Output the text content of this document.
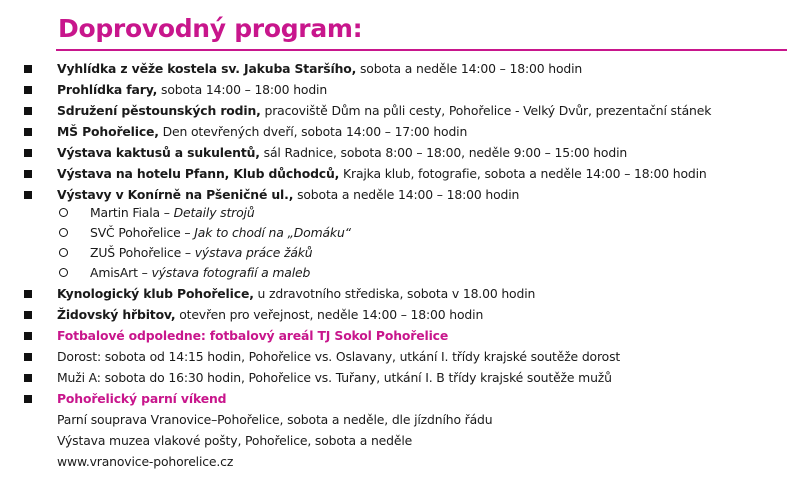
Doprovodný program:
Vyhlídka z věže kostela sv. Jakuba Staršího, sobota a neděle 14:00 – 18:00 hodin
Prohlídka fary, sobota 14:00 – 18:00 hodin
Sdružení pěstounských rodin, pracoviště Dům na půli cesty, Pohořelice - Velký Dvůr, prezentační stánek
MŠ Pohořelice, Den otevřených dveří, sobota 14:00 – 17:00 hodin
Výstava kaktusů a sukulentů, sál Radnice, sobota 8:00 – 18:00, neděle 9:00 – 15:00 hodin
Výstava na hotelu Pfann, Klub důchodců, Krajka klub, fotografie, sobota a neděle 14:00 – 18:00 hodin
Výstavy v Konírně na Pšeničné ul., sobota a neděle 14:00 – 18:00 hodin
Martin Fiala – Detaily strojů
SVČ Pohořelice – Jak to chodí na „Domáku“
ZUŠ Pohořelice – výstava práce žáků
AmisArt – výstava fotografií a maleb
Kynologický klub Pohořelice, u zdravotního střediska, sobota v 18.00 hodin
Židovský hřbitov, otevřen pro veřejnost, neděle 14:00 – 18:00 hodin
Fotbalové odpoledne: fotbalový areál TJ Sokol Pohořelice
Dorost: sobota od 14:15 hodin, Pohořelice vs. Oslavany, utkání I. třídy krajské soutěže dorost
Muži A: sobota do 16:30 hodin, Pohořelice vs. Tuřany, utkání I. B třídy krajské soutěže mužů
Pohořelický parní víkend
Parní souprava Vranovice–Pohořelice, sobota a neděle, dle jízdního řádu
Výstava muzea vlakové pošty, Pohořelice, sobota a neděle
www.vranovice-pohorelice.cz
